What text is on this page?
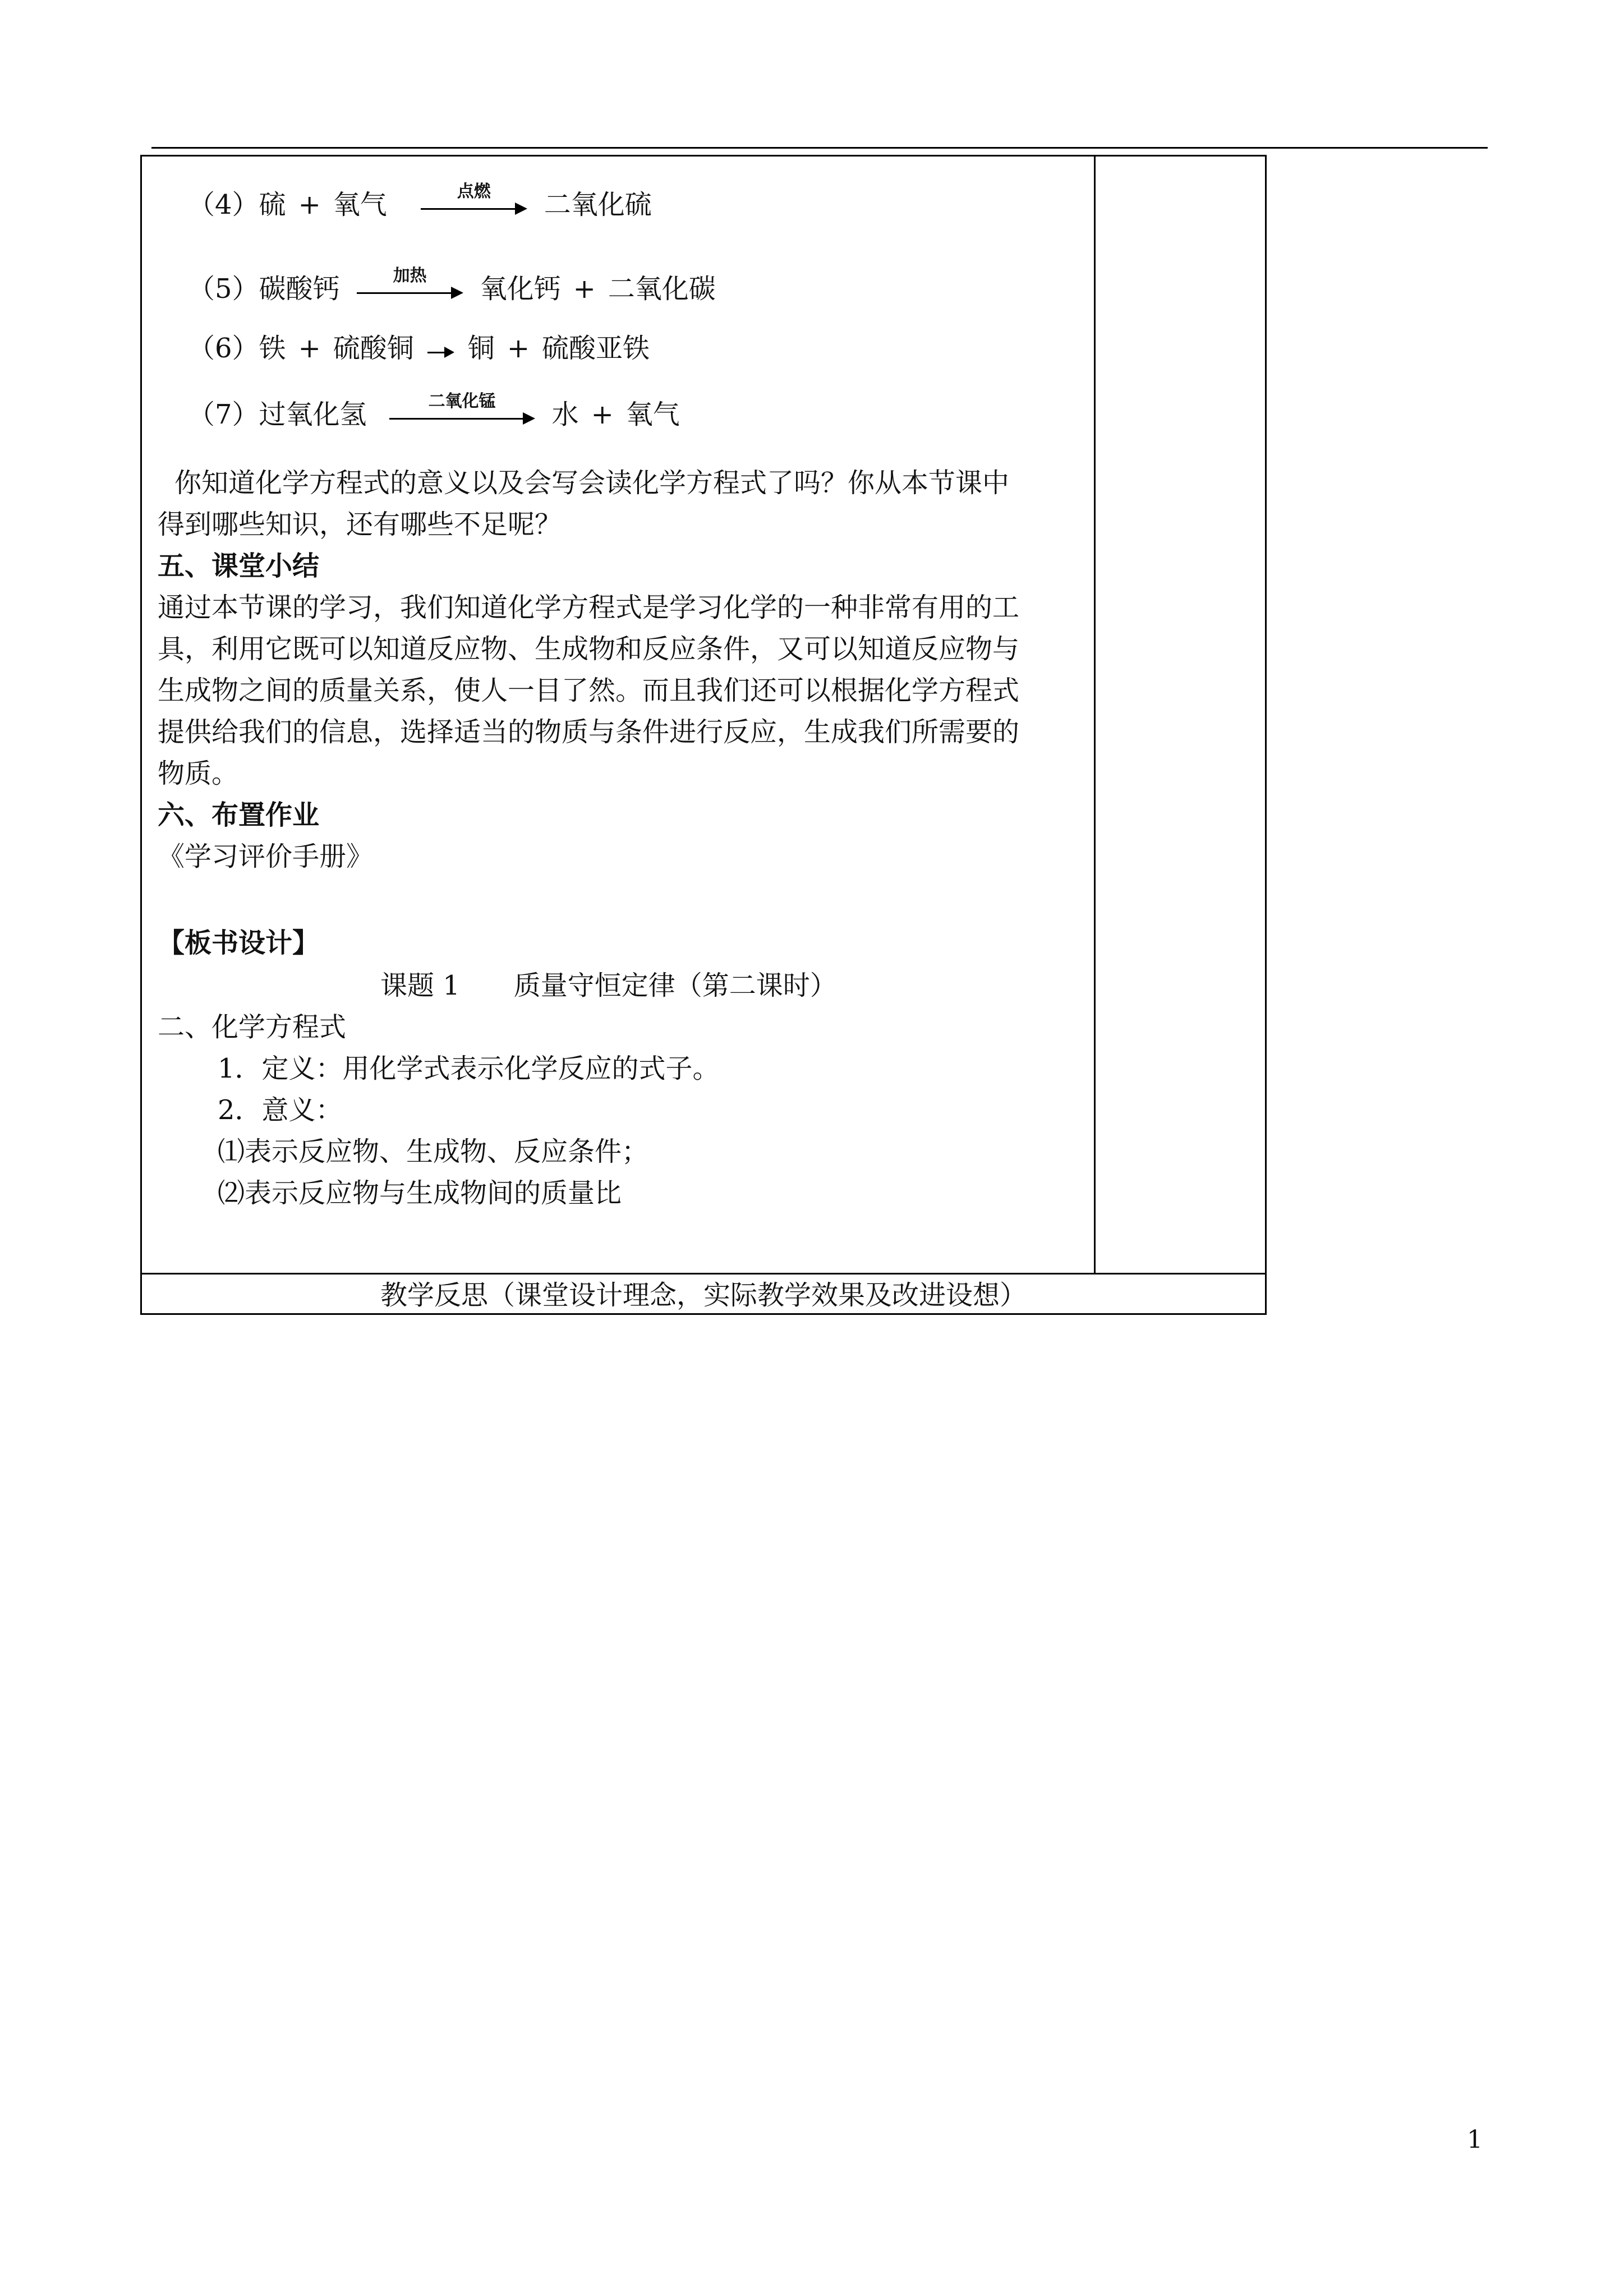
（4） 硫 + 氧气	点燃	二氧化硫
（5） 碳酸钙	加热	氧化钙 + 二氧化碳
（6） 铁 + 硫酸铜 铜 + 硫酸亚铁
（7） 过氧化氢	二氧化锰	水 + 氧气
你知道化学方程式的意义以及会写会读化学方程式了吗？你从本节课中
得到哪些知识，还有哪些不足呢？
五、课堂小结
通过本节课的学习，我们知道化学方程式是学习化学的一种非常有用的工
具，利用它既可以知道反应物、生成物和反应条件，又可以知道反应物与
生成物之间的质量关系，使人一目了然。而且我们还可以根据化学方程式
提供给我们的信息，选择适当的物质与条件进行反应，生成我们所需要的
物质。
六、布置作业
《学习评价手册》
【板书设计】
课题 1　　质量守恒定律（第二课时）
二、化学方程式
1．定义：用化学式表示化学反应的式子。
2．意义：
⑴表示反应物、生成物、反应条件；
⑵表示反应物与生成物间的质量比
教学反思（课堂设计理念，实际教学效果及改进设想）
1
